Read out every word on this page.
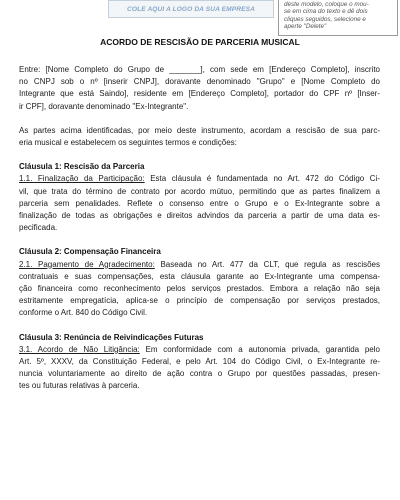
COLE AQUI A LOGO DA SUA EMPRESA
deste modelo, coloque o mou-
se em cima do texto e dê dois
cliques seguidos, selecione e
aperte "Delete"
ACORDO DE RESCISÃO DE PARCERIA MUSICAL

Entre: [Nome Completo do Grupo de _______], com sede em [Endereço Completo], inscrito
no CNPJ sob o nº [inserir CNPJ], doravante denominado "Grupo" e [Nome Completo do
Integrante que está Saindo], residente em [Endereço Completo], portador do CPF nº [Inser-
ir CPF], doravante denominado "Ex-Integrante".

As partes acima identificadas, por meio deste instrumento, acordam a rescisão de sua parc-
eria musical e estabelecem os seguintes termos e condições:

Cláusula 1: Rescisão da Parceria

1.1. Finalização da Participação: Esta cláusula é fundamentada no Art. 472 do Código Ci-
vil, que trata do término de contrato por acordo mútuo, permitindo que as partes finalizem a
parceria sem penalidades. Reflete o consenso entre o Grupo e o Ex-Integrante sobre a
finalização de todas as obrigações e direitos advindos da parceria a partir de uma data es-
pecificada.

Cláusula 2: Compensação Financeira

2.1. Pagamento de Agradecimento: Baseada no Art. 477 da CLT, que regula as rescisões
contratuais e suas compensações, esta cláusula garante ao Ex-Integrante uma compensa-
ção financeira como reconhecimento pelos serviços prestados. Embora a relação não seja
estritamente empregatícia, aplica-se o princípio de compensação por serviços prestados,
conforme o Art. 840 do Código Civil.

Cláusula 3: Renúncia de Reivindicações Futuras

3.1. Acordo de Não Litigância: Em conformidade com a autonomia privada, garantida pelo
Art. 5º, XXXV, da Constituição Federal, e pelo Art. 104 do Código Civil, o Ex-Integrante re-
nuncia voluntariamente ao direito de ação contra o Grupo por questões passadas, presen-
tes ou futuras relativas à parceria.
